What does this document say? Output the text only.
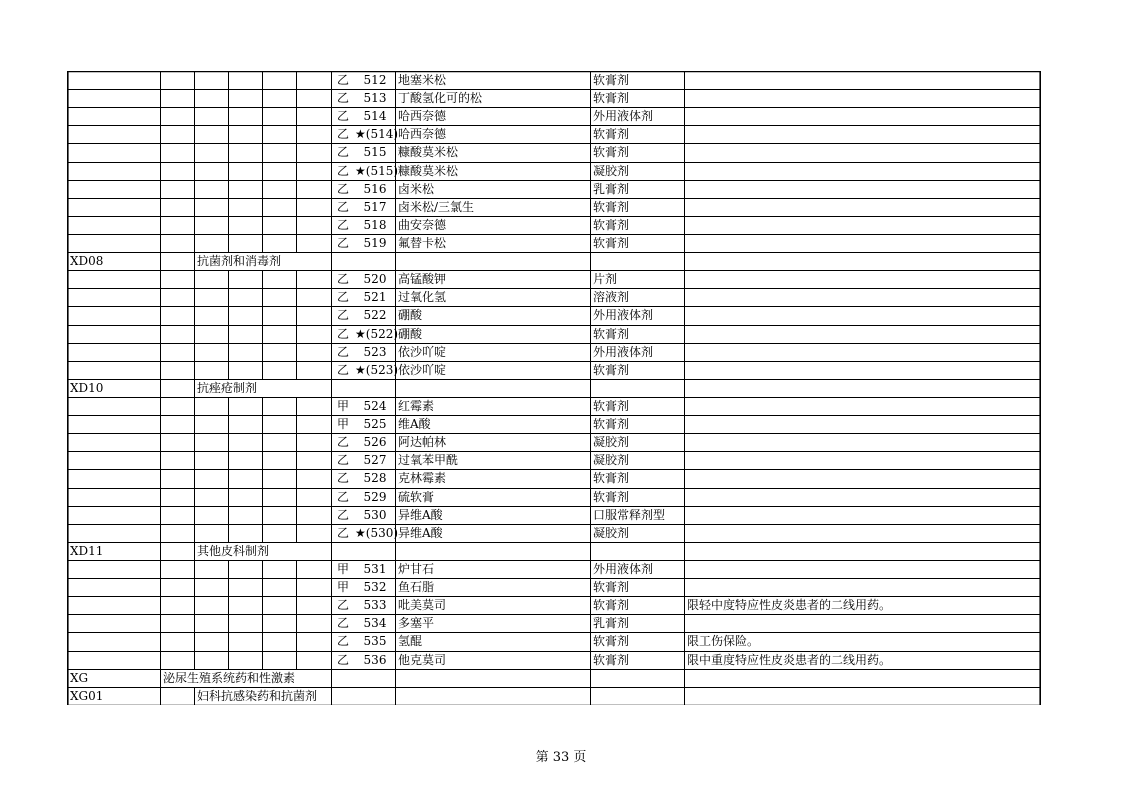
乙	512 地塞米松	软膏剂
乙	513 丁酸氢化可的松	软膏剂
乙	514 哈西奈德	外用液体剂
乙 ★(514) 哈西奈德	软膏剂
乙	515 糠酸莫米松	软膏剂
乙 ★(515) 糠酸莫米松	凝胶剂
乙	516 卤米松	乳膏剂
乙	517 卤米松/三氯生	软膏剂
乙	518 曲安奈德	软膏剂
乙	519 氟替卡松	软膏剂
XD08	抗菌剂和消毒剂
乙	520 高锰酸钾	片剂
乙	521 过氧化氢	溶液剂
乙	522 硼酸	外用液体剂
乙 ★(522) 硼酸	软膏剂
乙	523 依沙吖啶	外用液体剂
乙 ★(523) 依沙吖啶	软膏剂
XD10	抗痤疮制剂
甲	524 红霉素	软膏剂
甲	525 维A酸	软膏剂
乙	526 阿达帕林	凝胶剂
乙	527 过氧苯甲酰	凝胶剂
乙	528 克林霉素	软膏剂
乙	529 硫软膏	软膏剂
乙	530 异维A酸	口服常释剂型
乙 ★(530) 异维A酸	凝胶剂
XD11	其他皮科制剂
甲	531 炉甘石	外用液体剂
甲	532 鱼石脂	软膏剂
乙	533 吡美莫司	软膏剂	限轻中度特应性皮炎患者的二线用药。
乙	534 多塞平	乳膏剂
乙	535 氢醌	软膏剂	限工伤保险。
乙	536 他克莫司	软膏剂	限中重度特应性皮炎患者的二线用药。
XG	泌尿生殖系统药和性激素
XG01	妇科抗感染药和抗菌剂
第 33 页
